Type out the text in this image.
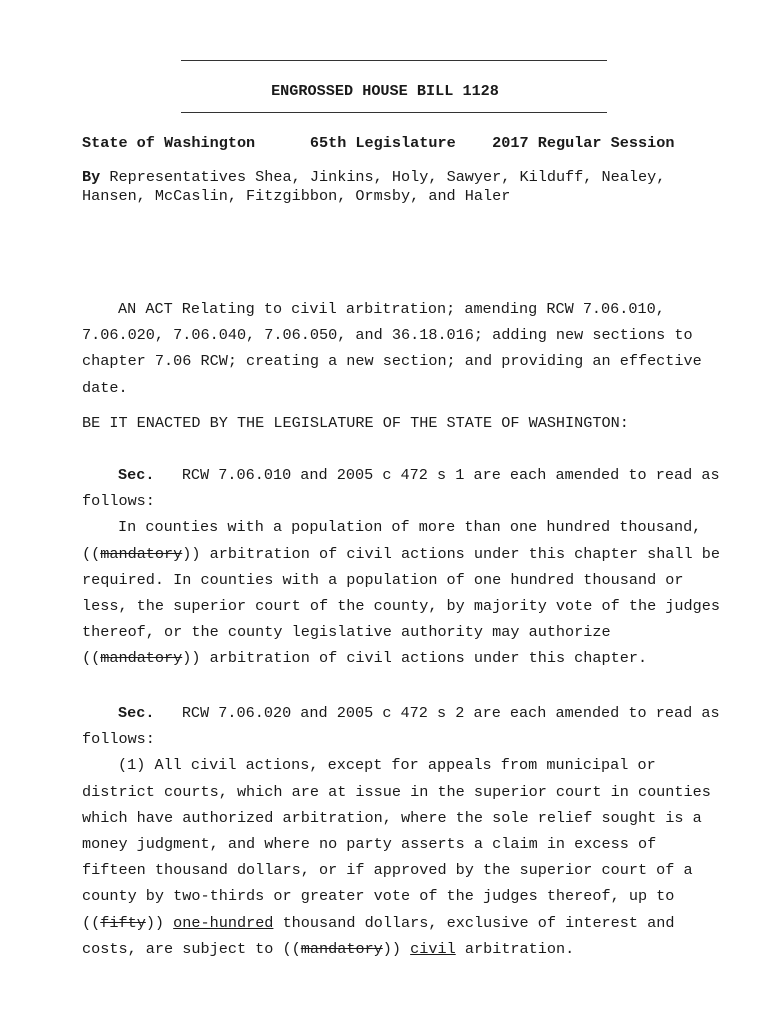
ENGROSSED HOUSE BILL 1128
State of Washington	65th Legislature 2017 Regular Session
By Representatives Shea, Jinkins, Holy, Sawyer, Kilduff, Nealey,
Hansen, McCaslin, Fitzgibbon, Ormsby, and Haler
AN ACT Relating to civil arbitration; amending RCW 7.06.010, 7.06.020, 7.06.040, 7.06.050, and 36.18.016; adding new sections to chapter 7.06 RCW; creating a new section; and providing an effective date.
BE IT ENACTED BY THE LEGISLATURE OF THE STATE OF WASHINGTON:
Sec. RCW 7.06.010 and 2005 c 472 s 1 are each amended to read as follows:
In counties with a population of more than one hundred thousand, ((mandatory)) arbitration of civil actions under this chapter shall be required. In counties with a population of one hundred thousand or less, the superior court of the county, by majority vote of the judges thereof, or the county legislative authority may authorize ((mandatory)) arbitration of civil actions under this chapter.
Sec. RCW 7.06.020 and 2005 c 472 s 2 are each amended to read as follows:
(1) All civil actions, except for appeals from municipal or district courts, which are at issue in the superior court in counties which have authorized arbitration, where the sole relief sought is a money judgment, and where no party asserts a claim in excess of fifteen thousand dollars, or if approved by the superior court of a county by two-thirds or greater vote of the judges thereof, up to ((fifty)) one-hundred thousand dollars, exclusive of interest and costs, are subject to ((mandatory)) civil arbitration.
